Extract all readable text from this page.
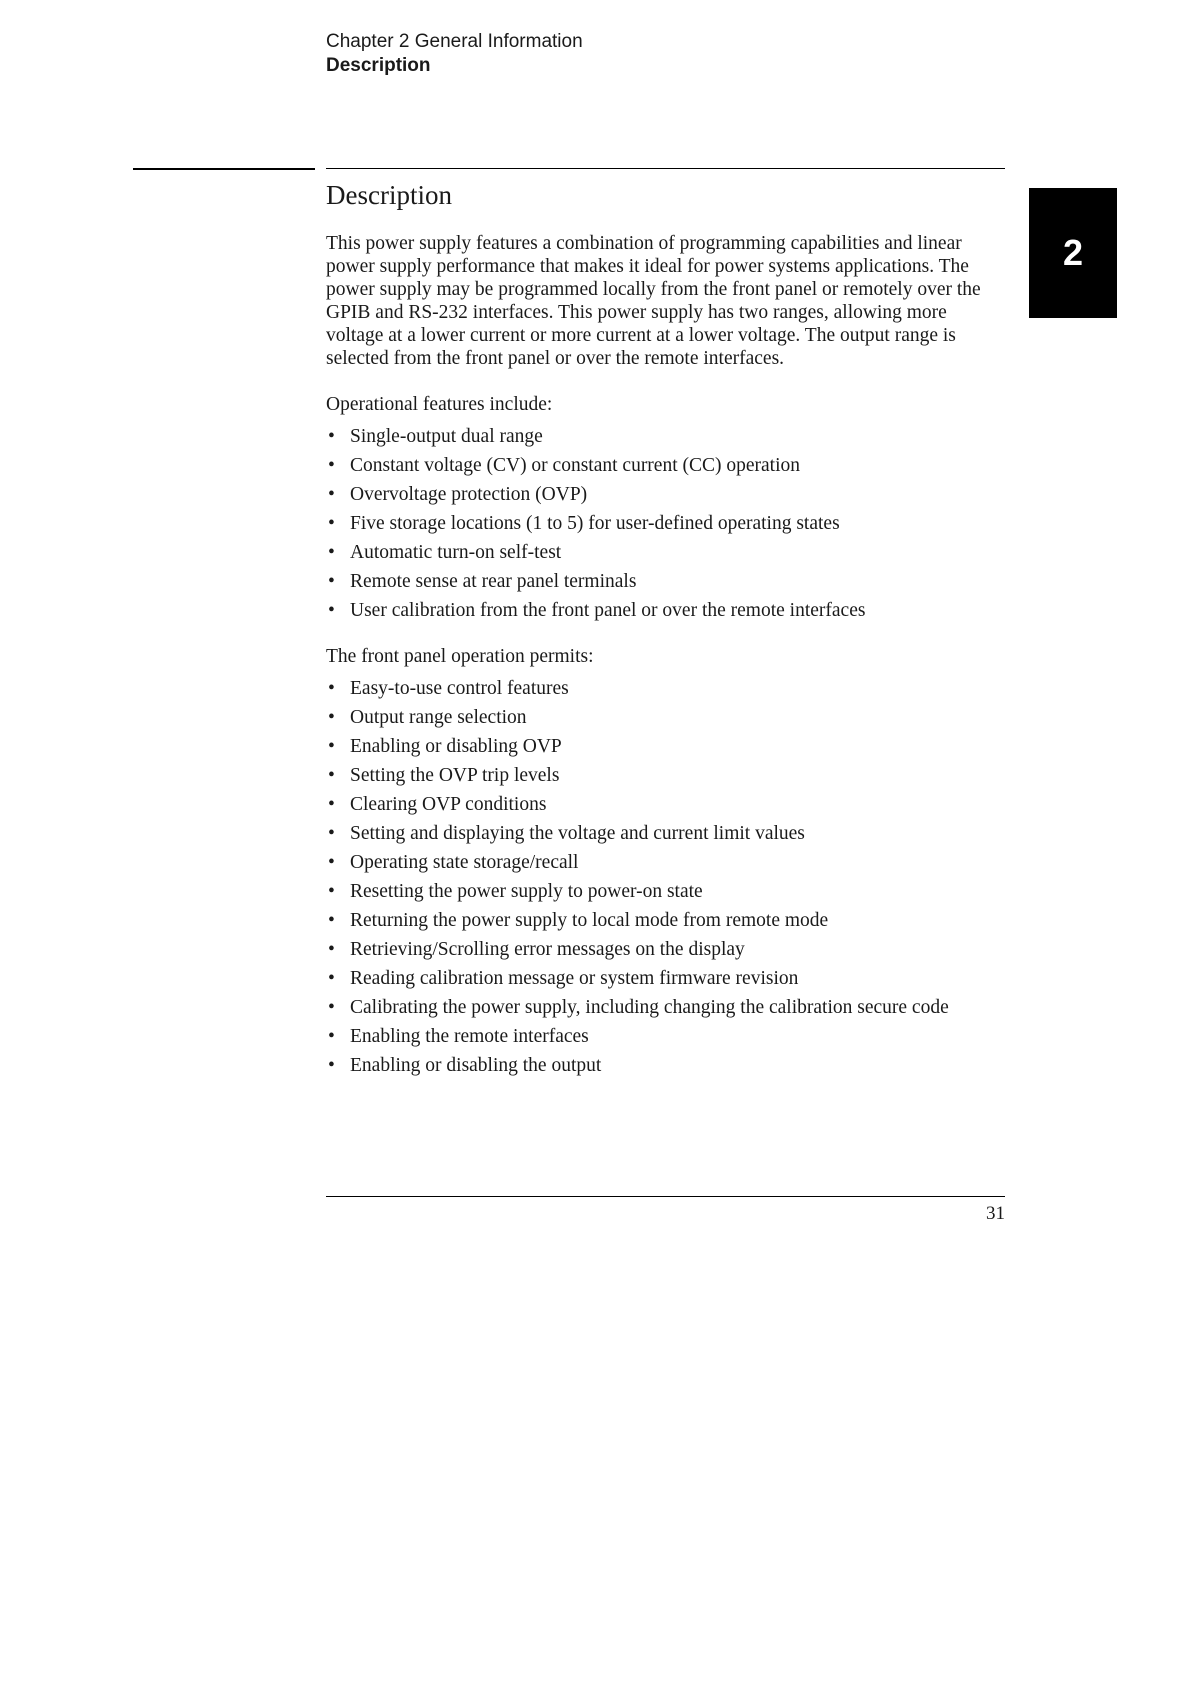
Chapter 2 General Information
Description
2
Description

This power supply features a combination of programming capabilities and linear power supply performance that makes it ideal for power systems applications. The power supply may be programmed locally from the front panel or remotely over the GPIB and RS-232 interfaces. This power supply has two ranges, allowing more voltage at a lower current or more current at a lower voltage. The output range is selected from the front panel or over the remote interfaces.

Operational features include:

• Single-output dual range
• Constant voltage (CV) or constant current (CC) operation
• Overvoltage protection (OVP)
• Five storage locations (1 to 5) for user-defined operating states
• Automatic turn-on self-test
• Remote sense at rear panel terminals
• User calibration from the front panel or over the remote interfaces

The front panel operation permits:

• Easy-to-use control features
• Output range selection
• Enabling or disabling OVP
• Setting the OVP trip levels
• Clearing OVP conditions
• Setting and displaying the voltage and current limit values
• Operating state storage/recall
• Resetting the power supply to power-on state
• Returning the power supply to local mode from remote mode
• Retrieving/Scrolling error messages on the display
• Reading calibration message or system firmware revision
• Calibrating the power supply, including changing the calibration secure code
• Enabling the remote interfaces
• Enabling or disabling the output
31
